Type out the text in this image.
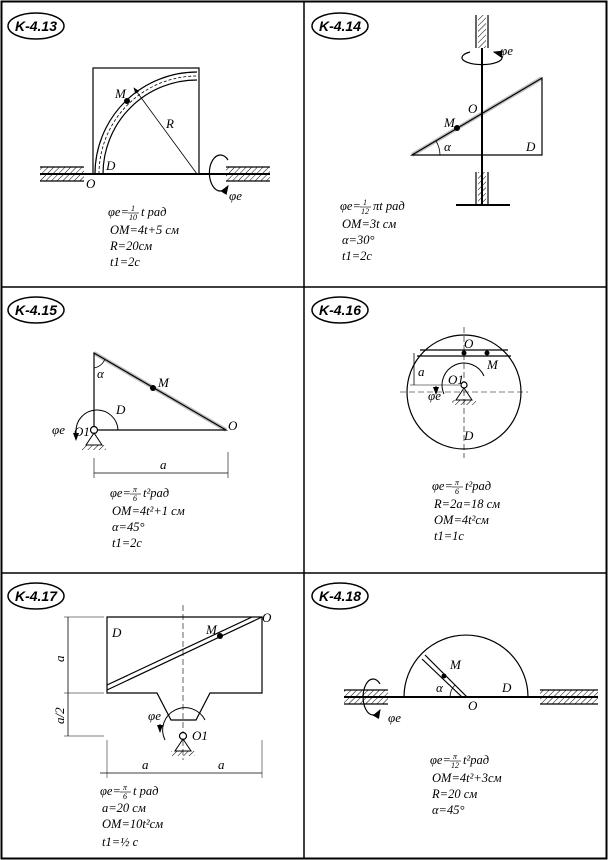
K-4.13
M
R
O
D
φe
φe= 1
10 t рад
OM=4t+5 см
R=20см
t1=2c
K-4.14
φe
M
O
D
α
φe= 1
12 πt рад
OM=3t см
α=30°
t1=2c
K-4.15
M
O
D
α
O1
φe
a
φe= π
6 t²рад
OM=4t²+1 см
α=45°
t1=2c
K-4.16
O
M
O1
φe
a
D
φe= π
6 t²рад
R=2a=18 см
OM=4t²см
t1=1c
K-4.17
M
O
D
O1
φe
a
a/2
a	a
φe= π
6 t рад
a=20 см
OM=10t²см
t1=½ c
K-4.18
M
O
D
α
φe
φe= π
12 t²рад
OM=4t²+3см
R=20 см
α=45°
